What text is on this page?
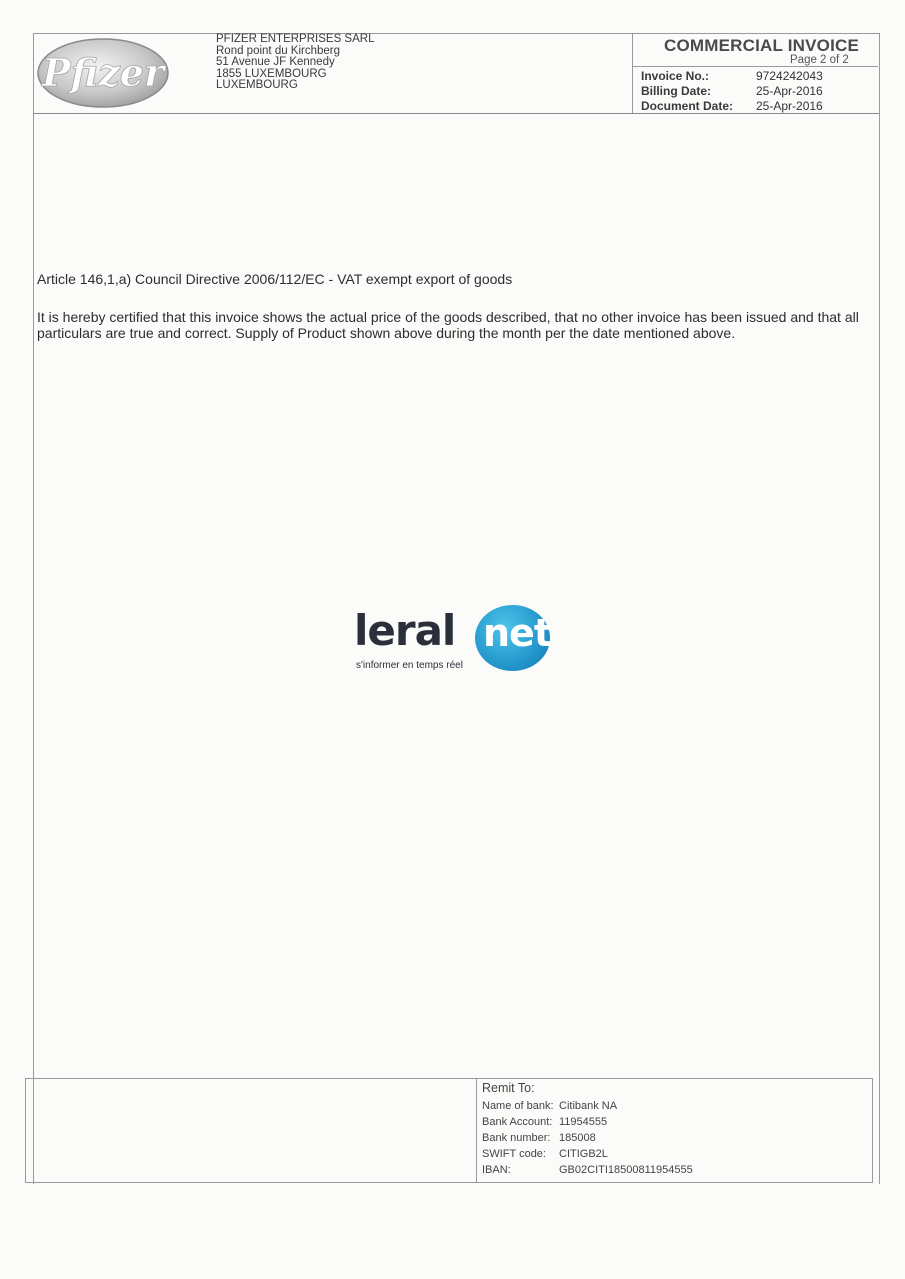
Pfizer
PFIZER ENTERPRISES SARL
Rond point du Kirchberg
51 Avenue JF Kennedy
1855 LUXEMBOURG
LUXEMBOURG
COMMERCIAL INVOICE
Page 2 of 2
Invoice No.:	9724242043
Billing Date:	25-Apr-2016
Document Date: 25-Apr-2016
Article 146,1,a) Council Directive 2006/112/EC - VAT exempt export of goods
It is hereby certified that this invoice shows the actual price of the goods described, that no other invoice has been issued and that all particulars are true and correct. Supply of Product shown above during the month per the date mentioned above.
leral net
s'informer en temps réel
Remit To:
Name of bank: Citibank NA
Bank Account: 11954555
Bank number: 185008
SWIFT code: CITIGB2L
IBAN:	GB02CITI18500811954555
